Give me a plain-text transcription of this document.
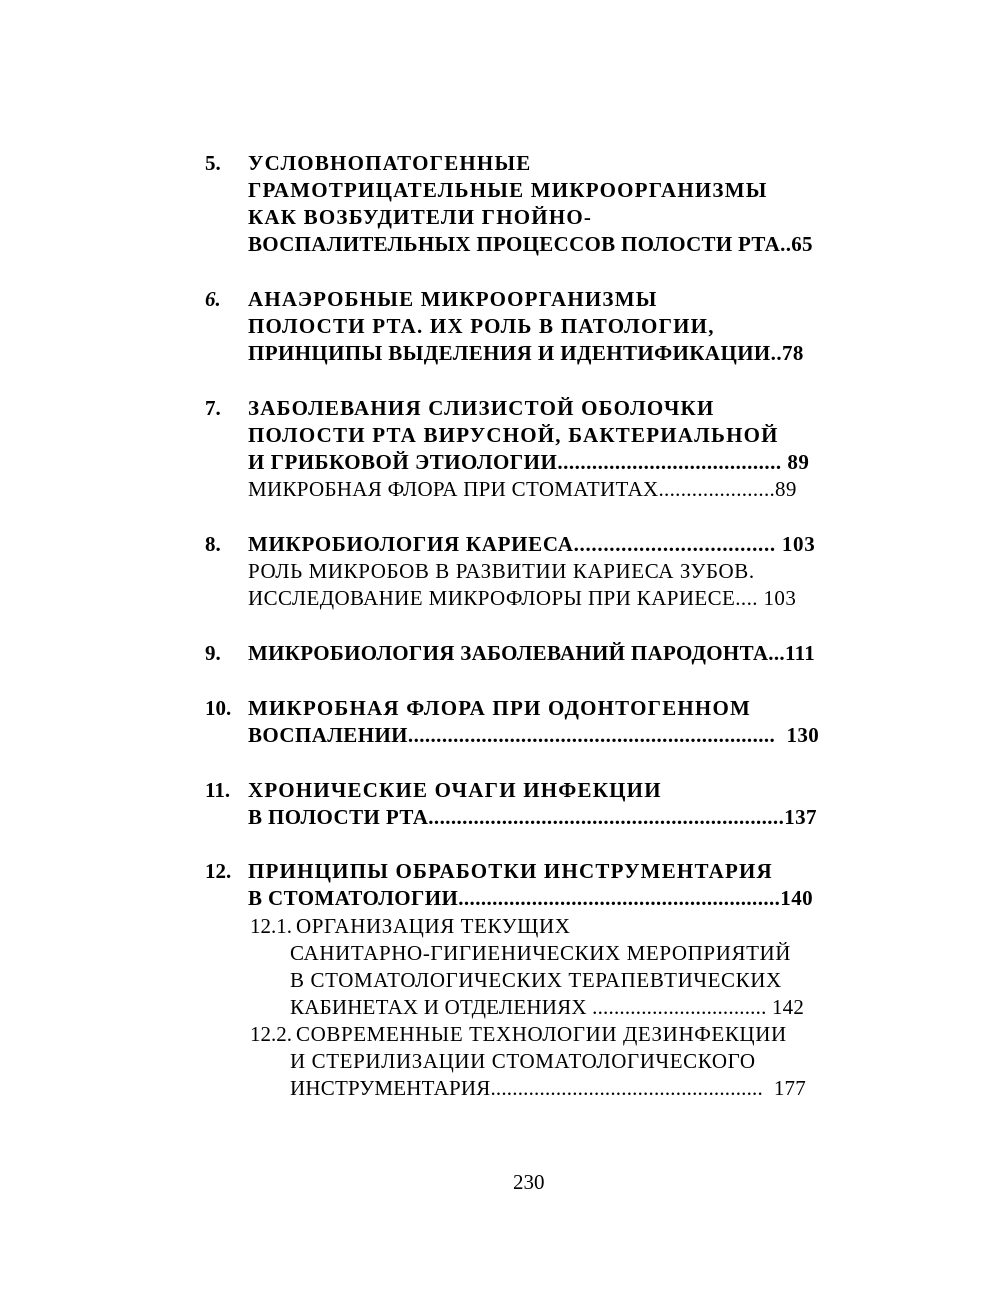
5. УСЛОВНОПАТОГЕННЫЕ
ГРАМОТРИЦАТЕЛЬНЫЕ МИКРООРГАНИЗМЫ
КАК ВОЗБУДИТЕЛИ ГНОЙНО-
ВОСПАЛИТЕЛЬНЫХ ПРОЦЕССОВ ПОЛОСТИ РТА..65
6. АНАЭРОБНЫЕ МИКРООРГАНИЗМЫ
ПОЛОСТИ РТА. ИХ РОЛЬ В ПАТОЛОГИИ,
ПРИНЦИПЫ ВЫДЕЛЕНИЯ И ИДЕНТИФИКАЦИИ..78
7. ЗАБОЛЕВАНИЯ СЛИЗИСТОЙ ОБОЛОЧКИ
ПОЛОСТИ РТА ВИРУСНОЙ, БАКТЕРИАЛЬНОЙ
И ГРИБКОВОЙ ЭТИОЛОГИИ....................................... 89
МИКРОБНАЯ ФЛОРА ПРИ СТОМАТИТАХ.....................89
8. МИКРОБИОЛОГИЯ КАРИЕСА.................................. 103
РОЛЬ МИКРОБОВ В РАЗВИТИИ КАРИЕСА ЗУБОВ.
ИССЛЕДОВАНИЕ МИКРОФЛОРЫ ПРИ КАРИЕСЕ.... 103
9. МИКРОБИОЛОГИЯ ЗАБОЛЕВАНИЙ ПАРОДОНТА...111
10. МИКРОБНАЯ ФЛОРА ПРИ ОДОНТОГЕННОМ
ВОСПАЛЕНИИ.................................................................  130
11. ХРОНИЧЕСКИЕ ОЧАГИ ИНФЕКЦИИ
В ПОЛОСТИ РТА...............................................................137
12. ПРИНЦИПЫ ОБРАБОТКИ ИНСТРУМЕНТАРИЯ
В СТОМАТОЛОГИИ.........................................................140
12.1. ОРГАНИЗАЦИЯ ТЕКУЩИХ
САНИТАРНО-ГИГИЕНИЧЕСКИХ МЕРОПРИЯТИЙ
В СТОМАТОЛОГИЧЕСКИХ ТЕРАПЕВТИЧЕСКИХ
КАБИНЕТАХ И ОТДЕЛЕНИЯХ ................................ 142
12.2. СОВРЕМЕННЫЕ ТЕХНОЛОГИИ ДЕЗИНФЕКЦИИ
И СТЕРИЛИЗАЦИИ СТОМАТОЛОГИЧЕСКОГО
ИНСТРУМЕНТАРИЯ..................................................  177
230
